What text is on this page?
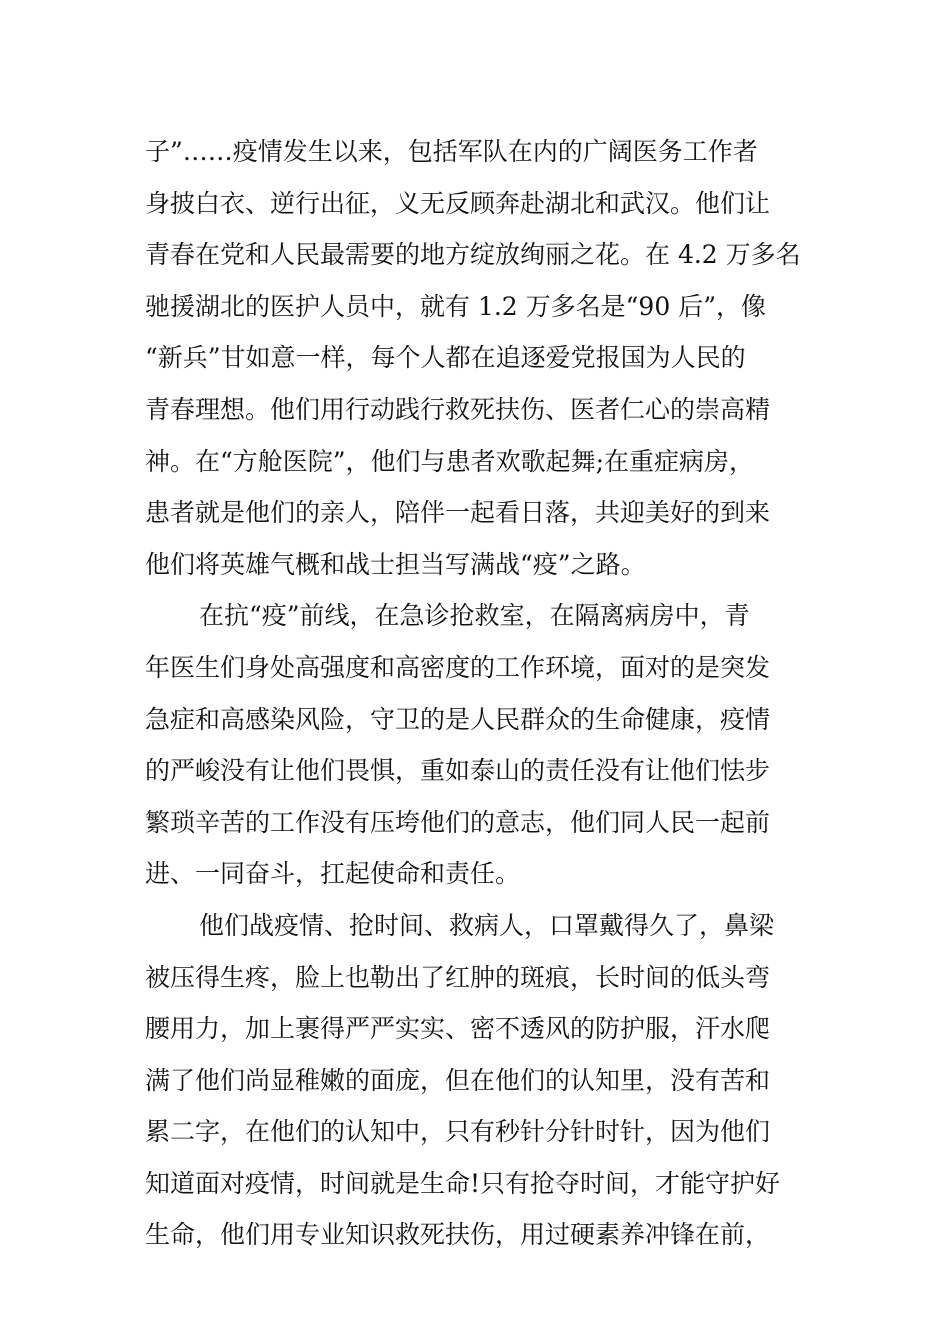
子”……疫情发生以来，包括军队在内的广阔医务工作者
身披白衣、逆行出征，义无反顾奔赴湖北和武汉。他们让
青春在党和人民最需要的地方绽放绚丽之花。在 4.2 万多名
驰援湖北的医护人员中，就有 1.2 万多名是“90 后”，像
“新兵”甘如意一样，每个人都在追逐爱党报国为人民的
青春理想。他们用行动践行救死扶伤、医者仁心的崇高精
神。在“方舱医院”，他们与患者欢歌起舞;在重症病房，
患者就是他们的亲人，陪伴一起看日落，共迎美好的到来
他们将英雄气概和战士担当写满战“疫”之路。
在抗“疫”前线，在急诊抢救室，在隔离病房中，青
年医生们身处高强度和高密度的工作环境，面对的是突发
急症和高感染风险，守卫的是人民群众的生命健康，疫情
的严峻没有让他们畏惧，重如泰山的责任没有让他们怯步
繁琐辛苦的工作没有压垮他们的意志，他们同人民一起前
进、一同奋斗，扛起使命和责任。
他们战疫情、抢时间、救病人，口罩戴得久了，鼻梁
被压得生疼，脸上也勒出了红肿的斑痕，长时间的低头弯
腰用力，加上裹得严严实实、密不透风的防护服，汗水爬
满了他们尚显稚嫩的面庞，但在他们的认知里，没有苦和
累二字，在他们的认知中，只有秒针分针时针，因为他们
知道面对疫情，时间就是生命!只有抢夺时间，才能守护好
生命，他们用专业知识救死扶伤，用过硬素养冲锋在前，
